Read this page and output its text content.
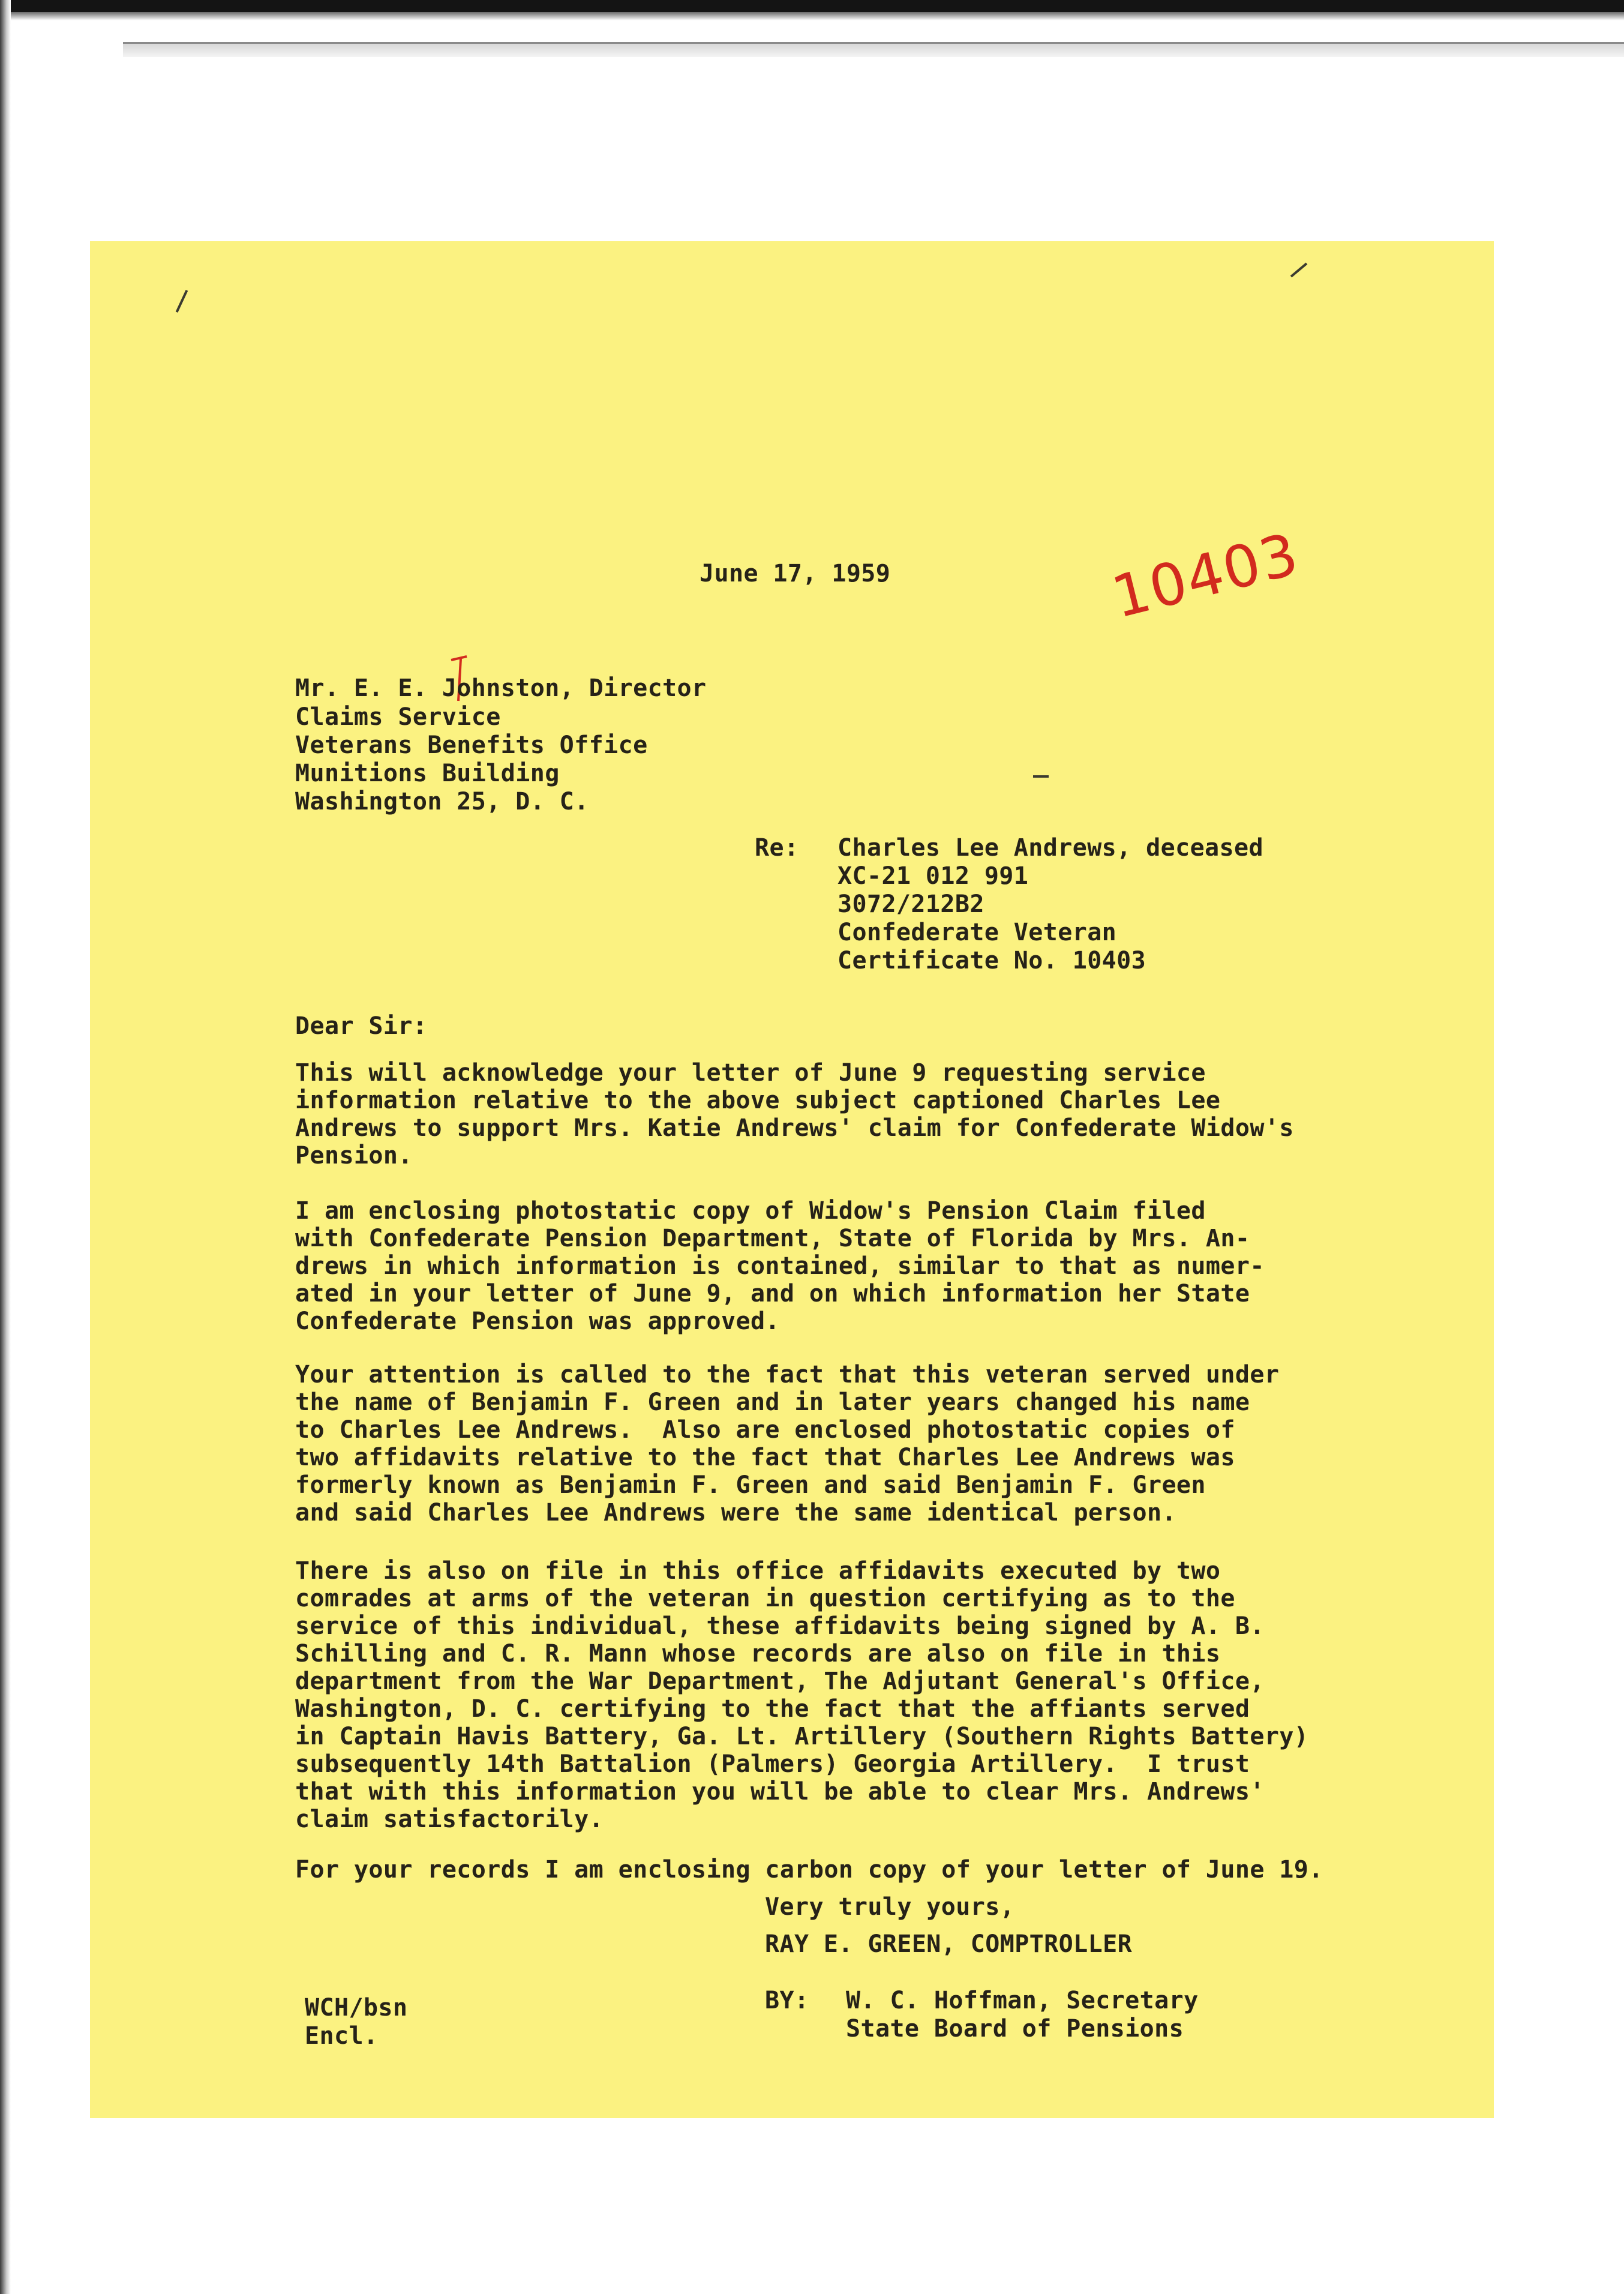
June 17, 1959	10403
Mr. E. E. Johnston, Director
Claims Service
Veterans Benefits Office
Munitions Building
Washington 25, D. C.
Re: Charles Lee Andrews, deceased
XC-21 012 991
3072/212B2
Confederate Veteran
Certificate No. 10403
Dear Sir:
This will acknowledge your letter of June 9 requesting service
information relative to the above subject captioned Charles Lee
Andrews to support Mrs. Katie Andrews' claim for Confederate Widow's
Pension.
I am enclosing photostatic copy of Widow's Pension Claim filed
with Confederate Pension Department, State of Florida by Mrs. An-
drews in which information is contained, similar to that as numer-
ated in your letter of June 9, and on which information her State
Confederate Pension was approved.
Your attention is called to the fact that this veteran served under
the name of Benjamin F. Green and in later years changed his name
to Charles Lee Andrews.  Also are enclosed photostatic copies of
two affidavits relative to the fact that Charles Lee Andrews was
formerly known as Benjamin F. Green and said Benjamin F. Green
and said Charles Lee Andrews were the same identical person.
There is also on file in this office affidavits executed by two
comrades at arms of the veteran in question certifying as to the
service of this individual, these affidavits being signed by A. B.
Schilling and C. R. Mann whose records are also on file in this
department from the War Department, The Adjutant General's Office,
Washington, D. C. certifying to the fact that the affiants served
in Captain Havis Battery, Ga. Lt. Artillery (Southern Rights Battery)
subsequently 14th Battalion (Palmers) Georgia Artillery.  I trust
that with this information you will be able to clear Mrs. Andrews'
claim satisfactorily.
For your records I am enclosing carbon copy of your letter of June 19.
Very truly yours,
RAY E. GREEN, COMPTROLLER
WCH/bsn
Encl.
BY: W. C. Hoffman, Secretary
State Board of Pensions
